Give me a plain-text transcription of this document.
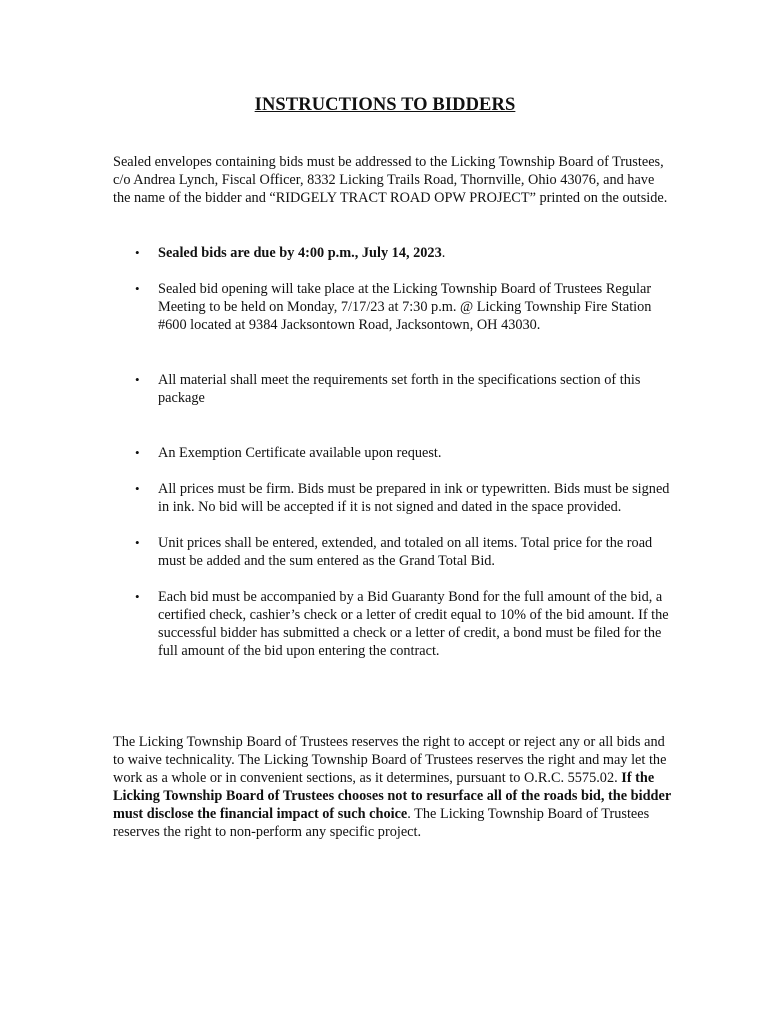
INSTRUCTIONS TO BIDDERS

Sealed envelopes containing bids must be addressed to the Licking Township Board of Trustees, c/o Andrea Lynch, Fiscal Officer, 8332 Licking Trails Road, Thornville, Ohio 43076, and have the name of the bidder and “RIDGELY TRACT ROAD OPW PROJECT” printed on the outside.

• Sealed bids are due by 4:00 p.m., July 14, 2023.
• Sealed bid opening will take place at the Licking Township Board of Trustees Regular Meeting to be held on Monday, 7/17/23 at 7:30 p.m. @ Licking Township Fire Station #600 located at 9384 Jacksontown Road, Jacksontown, OH 43030.
• All material shall meet the requirements set forth in the specifications section of this package
• An Exemption Certificate available upon request.
• All prices must be firm. Bids must be prepared in ink or typewritten. Bids must be signed in ink. No bid will be accepted if it is not signed and dated in the space provided.
• Unit prices shall be entered, extended, and totaled on all items. Total price for the road must be added and the sum entered as the Grand Total Bid.
• Each bid must be accompanied by a Bid Guaranty Bond for the full amount of the bid, a certified check, cashier’s check or a letter of credit equal to 10% of the bid amount. If the successful bidder has submitted a check or a letter of credit, a bond must be filed for the full amount of the bid upon entering the contract.

The Licking Township Board of Trustees reserves the right to accept or reject any or all bids and to waive technicality. The Licking Township Board of Trustees reserves the right and may let the work as a whole or in convenient sections, as it determines, pursuant to O.R.C. 5575.02. If the Licking Township Board of Trustees chooses not to resurface all of the roads bid, the bidder must disclose the financial impact of such choice. The Licking Township Board of Trustees reserves the right to non-perform any specific project.
